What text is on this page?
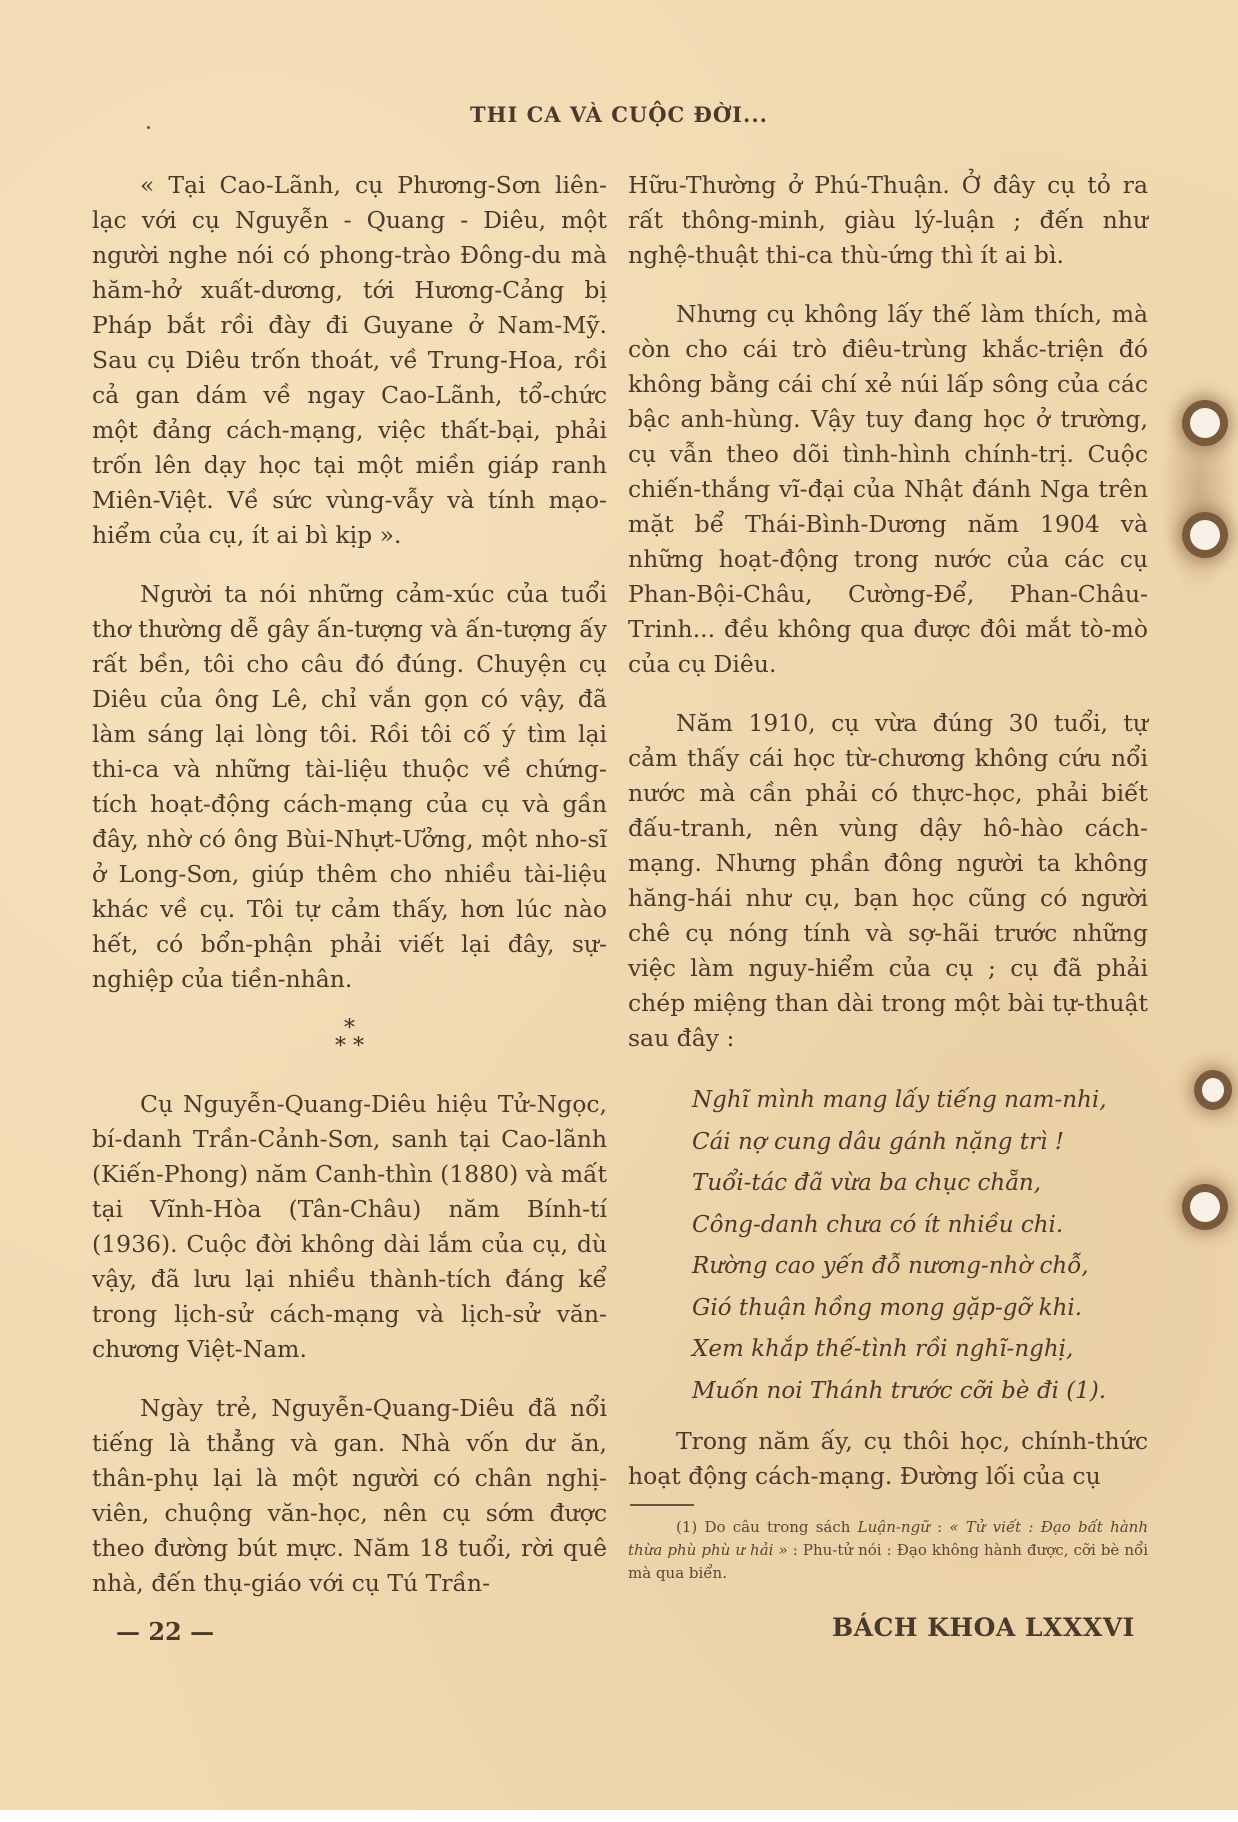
THI CA VÀ CUỘC ĐỜI...

« Tại Cao-Lãnh, cụ Phương-Sơn liên-lạc với cụ Nguyễn - Quang - Diêu, một người nghe nói có phong-trào Đông-du mà hăm-hở xuất-dương, tới Hương-Cảng bị Pháp bắt rồi đày đi Guyane ở Nam-Mỹ. Sau cụ Diêu trốn thoát, về Trung-Hoa, rồi cả gan dám về ngay Cao-Lãnh, tổ-chức một đảng cách-mạng, việc thất-bại, phải trốn lên dạy học tại một miền giáp ranh Miên-Việt. Về sức vùng-vẫy và tính mạo-hiểm của cụ, ít ai bì kịp ».

Người ta nói những cảm-xúc của tuổi thơ thường dễ gây ấn-tượng và ấn-tượng ấy rất bền, tôi cho câu đó đúng. Chuyện cụ Diêu của ông Lê, chỉ vắn gọn có vậy, đã làm sáng lại lòng tôi. Rồi tôi cố ý tìm lại thi-ca và những tài-liệu thuộc về chứng-tích hoạt-động cách-mạng của cụ và gần đây, nhờ có ông Bùi-Nhựt-Ưởng, một nho-sĩ ở Long-Sơn, giúp thêm cho nhiều tài-liệu khác về cụ. Tôi tự cảm thấy, hơn lúc nào hết, có bổn-phận phải viết lại đây, sự-nghiệp của tiền-nhân.

*
* *

Cụ Nguyễn-Quang-Diêu hiệu Tử-Ngọc, bí-danh Trần-Cảnh-Sơn, sanh tại Cao-lãnh (Kiến-Phong) năm Canh-thìn (1880) và mất tại Vĩnh-Hòa (Tân-Châu) năm Bính-tí (1936). Cuộc đời không dài lắm của cụ, dù vậy, đã lưu lại nhiều thành-tích đáng kể trong lịch-sử cách-mạng và lịch-sử văn-chương Việt-Nam.

Ngày trẻ, Nguyễn-Quang-Diêu đã nổi tiếng là thẳng và gan. Nhà vốn dư ăn, thân-phụ lại là một người có chân nghị-viên, chuộng văn-học, nên cụ sớm được theo đường bút mực. Năm 18 tuổi, rời quê nhà, đến thụ-giáo với cụ Tú Trần-

Hữu-Thường ở Phú-Thuận. Ở đây cụ tỏ ra rất thông-minh, giàu lý-luận ; đến như nghệ-thuật thi-ca thù-ứng thì ít ai bì.

Nhưng cụ không lấy thế làm thích, mà còn cho cái trò điêu-trùng khắc-triện đó không bằng cái chí xẻ núi lấp sông của các bậc anh-hùng. Vậy tuy đang học ở trường, cụ vẫn theo dõi tình-hình chính-trị. Cuộc chiến-thắng vĩ-đại của Nhật đánh Nga trên mặt bể Thái-Bình-Dương năm 1904 và những hoạt-động trong nước của các cụ Phan-Bội-Châu, Cường-Để, Phan-Châu-Trinh... đều không qua được đôi mắt tò-mò của cụ Diêu.

Năm 1910, cụ vừa đúng 30 tuổi, tự cảm thấy cái học từ-chương không cứu nổi nước mà cần phải có thực-học, phải biết đấu-tranh, nên vùng dậy hô-hào cách-mạng. Nhưng phần đông người ta không hăng-hái như cụ, bạn học cũng có người chê cụ nóng tính và sợ-hãi trước những việc làm nguy-hiểm của cụ ; cụ đã phải chép miệng than dài trong một bài tự-thuật sau đây :

Nghĩ mình mang lấy tiếng nam-nhi,
Cái nợ cung dâu gánh nặng trì !
Tuổi-tác đã vừa ba chục chẵn,
Công-danh chưa có ít nhiều chi.
Rường cao yến đỗ nương-nhờ chỗ,
Gió thuận hồng mong gặp-gỡ khi.
Xem khắp thế-tình rồi nghĩ-nghị,
Muốn noi Thánh trước cỡi bè đi (1).

Trong năm ấy, cụ thôi học, chính-thức hoạt động cách-mạng. Đường lối của cụ

(1) Do câu trong sách Luận-ngữ : « Tử viết : Đạo bất hành thừa phù phù ư hải » : Phu-tử nói : Đạo không hành được, cỡi bè nổi mà qua biển.

— 22 —	BÁCH KHOA LXXXVI
